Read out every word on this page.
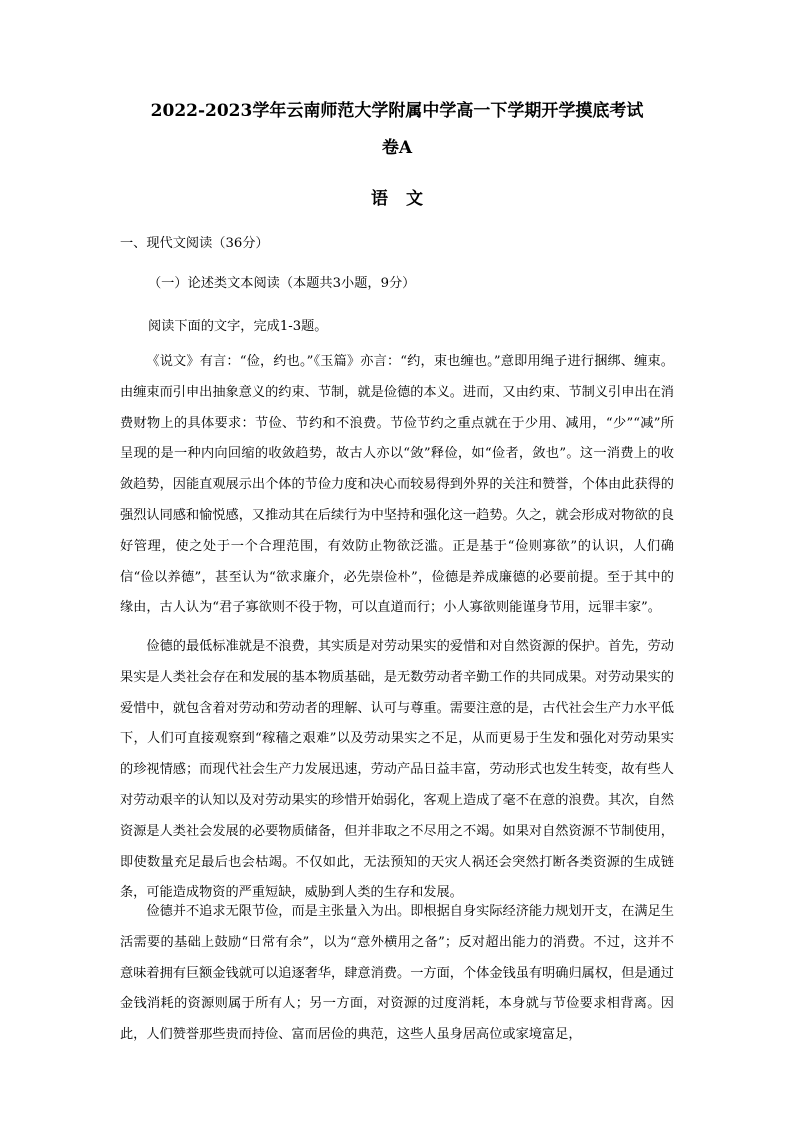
2022-2023学年云南师范大学附属中学高一下学期开学摸底考试
卷A
语文
一、现代文阅读（36分）
（一）论述类文本阅读（本题共3小题，9分）
阅读下面的文字，完成1-3题。

《说文》有言：“俭，约也。”《玉篇》亦言：“约，束也缠也。”意即用绳子进行捆绑、缠束。由缠束而引申出抽象意义的约束、节制，就是俭德的本义。进而，又由约束、节制义引申出在消费财物上的具体要求：节俭、节约和不浪费。节俭节约之重点就在于少用、减用，“少”“减”所呈现的是一种内向回缩的收敛趋势，故古人亦以“敛”释俭，如“俭者，敛也”。这一消费上的收敛趋势，因能直观展示出个体的节俭力度和决心而较易得到外界的关注和赞誉，个体由此获得的强烈认同感和愉悦感，又推动其在后续行为中坚持和强化这一趋势。久之，就会形成对物欲的良好管理，使之处于一个合理范围，有效防止物欲泛滥。正是基于“俭则寡欲”的认识，人们确信“俭以养德”，甚至认为“欲求廉介，必先崇俭朴”，俭德是养成廉德的必要前提。至于其中的缘由，古人认为“君子寡欲则不役于物，可以直道而行；小人寡欲则能谨身节用，远罪丰家”。

俭德的最低标准就是不浪费，其实质是对劳动果实的爱惜和对自然资源的保护。首先，劳动果实是人类社会存在和发展的基本物质基础，是无数劳动者辛勤工作的共同成果。对劳动果实的爱惜中，就包含着对劳动和劳动者的理解、认可与尊重。需要注意的是，古代社会生产力水平低下，人们可直接观察到“稼穑之艰难”以及劳动果实之不足，从而更易于生发和强化对劳动果实的珍视情感；而现代社会生产力发展迅速，劳动产品日益丰富，劳动形式也发生转变，故有些人对劳动艰辛的认知以及对劳动果实的珍惜开始弱化，客观上造成了毫不在意的浪费。其次，自然资源是人类社会发展的必要物质储备，但并非取之不尽用之不竭。如果对自然资源不节制使用，即使数量充足最后也会枯竭。不仅如此，无法预知的天灾人祸还会突然打断各类资源的生成链条，可能造成物资的严重短缺，威胁到人类的生存和发展。

俭德并不追求无限节俭，而是主张量入为出。即根据自身实际经济能力规划开支，在满足生活需要的基础上鼓励“日常有余”，以为“意外横用之备”；反对超出能力的消费。不过，这并不意味着拥有巨额金钱就可以追逐奢华，肆意消费。一方面，个体金钱虽有明确归属权，但是通过金钱消耗的资源则属于所有人；另一方面，对资源的过度消耗，本身就与节俭要求相背离。因此，人们赞誉那些贵而持俭、富而居俭的典范，这些人虽身居高位或家境富足，
